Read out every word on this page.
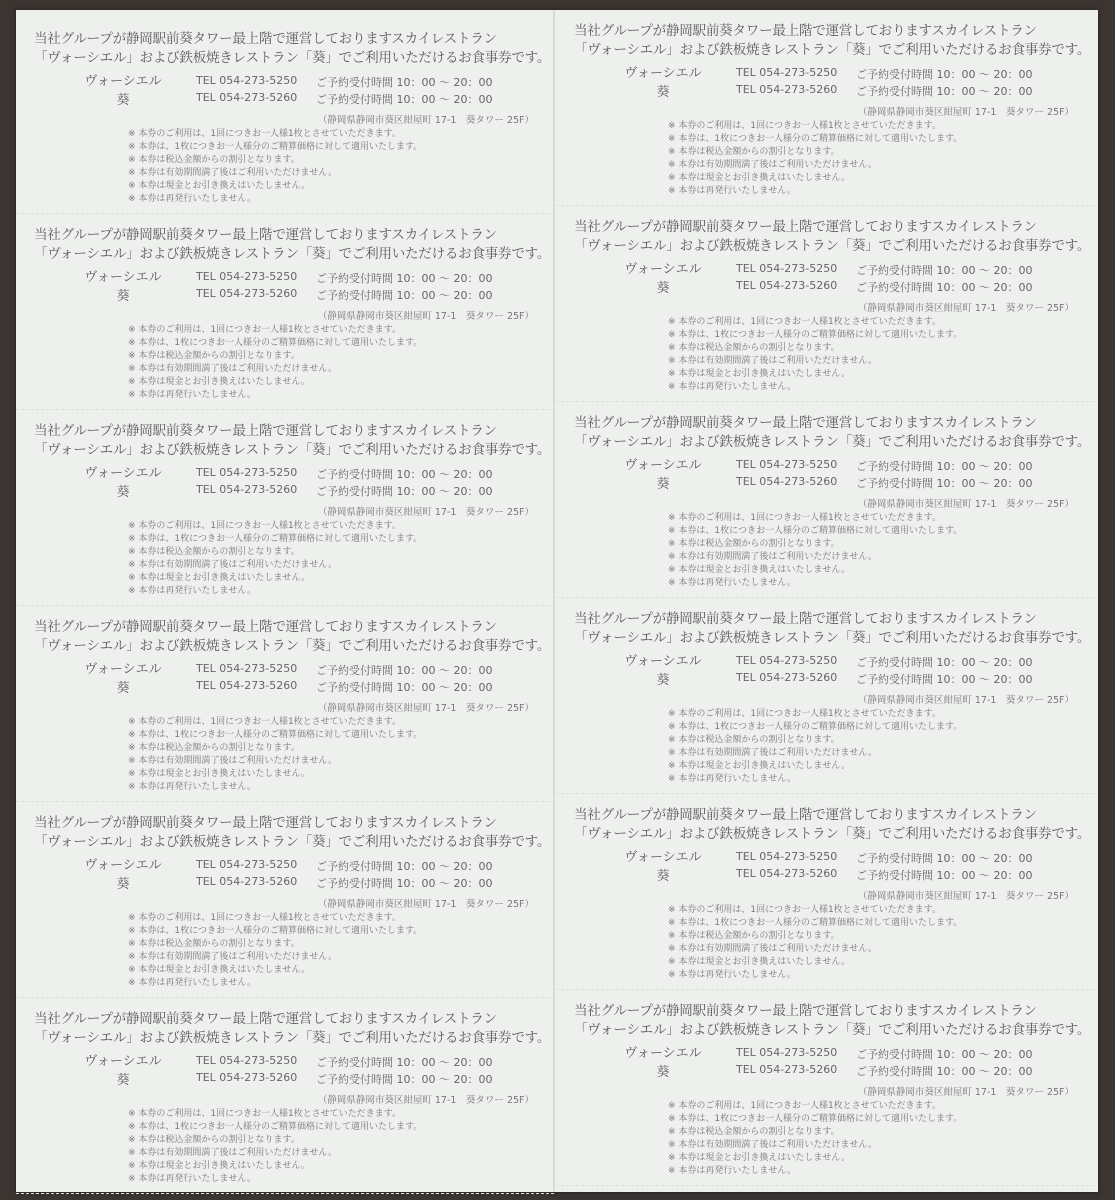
当社グループが静岡駅前葵タワー最上階で運営しておりますスカイレストラン
「ヴォーシエル」および鉄板焼きレストラン「葵」でご利用いただけるお食事券です。
ヴォーシエル	TEL 054-273-5250 ご予約受付時間 10：00 ～ 20：00
葵	TEL 054-273-5260 ご予約受付時間 10：00 ～ 20：00
（静岡県静岡市葵区紺屋町 17-1　葵タワー 25F）
※ 本券のご利用は、1回につきお一人様1枚とさせていただきます。
※ 本券は、1枚につきお一人様分のご精算価格に対して適用いたします。
※ 本券は税込金額からの割引となります。
※ 本券は有効期間満了後はご利用いただけません。
※ 本券は現金とお引き換えはいたしません。
※ 本券は再発行いたしません。
当社グループが静岡駅前葵タワー最上階で運営しておりますスカイレストラン
「ヴォーシエル」および鉄板焼きレストラン「葵」でご利用いただけるお食事券です。
ヴォーシエル	TEL 054-273-5250 ご予約受付時間 10：00 ～ 20：00
葵	TEL 054-273-5260 ご予約受付時間 10：00 ～ 20：00
（静岡県静岡市葵区紺屋町 17-1　葵タワー 25F）
※ 本券のご利用は、1回につきお一人様1枚とさせていただきます。
※ 本券は、1枚につきお一人様分のご精算価格に対して適用いたします。
※ 本券は税込金額からの割引となります。
※ 本券は有効期間満了後はご利用いただけません。
※ 本券は現金とお引き換えはいたしません。
※ 本券は再発行いたしません。
当社グループが静岡駅前葵タワー最上階で運営しておりますスカイレストラン
「ヴォーシエル」および鉄板焼きレストラン「葵」でご利用いただけるお食事券です。
ヴォーシエル	TEL 054-273-5250 ご予約受付時間 10：00 ～ 20：00
葵	TEL 054-273-5260 ご予約受付時間 10：00 ～ 20：00
（静岡県静岡市葵区紺屋町 17-1　葵タワー 25F）
※ 本券のご利用は、1回につきお一人様1枚とさせていただきます。
※ 本券は、1枚につきお一人様分のご精算価格に対して適用いたします。
※ 本券は税込金額からの割引となります。
※ 本券は有効期間満了後はご利用いただけません。
※ 本券は現金とお引き換えはいたしません。
※ 本券は再発行いたしません。
当社グループが静岡駅前葵タワー最上階で運営しておりますスカイレストラン
「ヴォーシエル」および鉄板焼きレストラン「葵」でご利用いただけるお食事券です。
ヴォーシエル	TEL 054-273-5250 ご予約受付時間 10：00 ～ 20：00
葵	TEL 054-273-5260 ご予約受付時間 10：00 ～ 20：00
（静岡県静岡市葵区紺屋町 17-1　葵タワー 25F）
※ 本券のご利用は、1回につきお一人様1枚とさせていただきます。
※ 本券は、1枚につきお一人様分のご精算価格に対して適用いたします。
※ 本券は税込金額からの割引となります。
※ 本券は有効期間満了後はご利用いただけません。
※ 本券は現金とお引き換えはいたしません。
※ 本券は再発行いたしません。
当社グループが静岡駅前葵タワー最上階で運営しておりますスカイレストラン
「ヴォーシエル」および鉄板焼きレストラン「葵」でご利用いただけるお食事券です。
ヴォーシエル	TEL 054-273-5250 ご予約受付時間 10：00 ～ 20：00
葵	TEL 054-273-5260 ご予約受付時間 10：00 ～ 20：00
（静岡県静岡市葵区紺屋町 17-1　葵タワー 25F）
※ 本券のご利用は、1回につきお一人様1枚とさせていただきます。
※ 本券は、1枚につきお一人様分のご精算価格に対して適用いたします。
※ 本券は税込金額からの割引となります。
※ 本券は有効期間満了後はご利用いただけません。
※ 本券は現金とお引き換えはいたしません。
※ 本券は再発行いたしません。
当社グループが静岡駅前葵タワー最上階で運営しておりますスカイレストラン
「ヴォーシエル」および鉄板焼きレストラン「葵」でご利用いただけるお食事券です。
ヴォーシエル	TEL 054-273-5250 ご予約受付時間 10：00 ～ 20：00
葵	TEL 054-273-5260 ご予約受付時間 10：00 ～ 20：00
（静岡県静岡市葵区紺屋町 17-1　葵タワー 25F）
※ 本券のご利用は、1回につきお一人様1枚とさせていただきます。
※ 本券は、1枚につきお一人様分のご精算価格に対して適用いたします。
※ 本券は税込金額からの割引となります。
※ 本券は有効期間満了後はご利用いただけません。
※ 本券は現金とお引き換えはいたしません。
※ 本券は再発行いたしません。
当社グループが静岡駅前葵タワー最上階で運営しておりますスカイレストラン
「ヴォーシエル」および鉄板焼きレストラン「葵」でご利用いただけるお食事券です。
ヴォーシエル	TEL 054-273-5250 ご予約受付時間 10：00 ～ 20：00
葵	TEL 054-273-5260 ご予約受付時間 10：00 ～ 20：00
（静岡県静岡市葵区紺屋町 17-1　葵タワー 25F）
※ 本券のご利用は、1回につきお一人様1枚とさせていただきます。
※ 本券は、1枚につきお一人様分のご精算価格に対して適用いたします。
※ 本券は税込金額からの割引となります。
※ 本券は有効期間満了後はご利用いただけません。
※ 本券は現金とお引き換えはいたしません。
※ 本券は再発行いたしません。
当社グループが静岡駅前葵タワー最上階で運営しておりますスカイレストラン
「ヴォーシエル」および鉄板焼きレストラン「葵」でご利用いただけるお食事券です。
ヴォーシエル	TEL 054-273-5250 ご予約受付時間 10：00 ～ 20：00
葵	TEL 054-273-5260 ご予約受付時間 10：00 ～ 20：00
（静岡県静岡市葵区紺屋町 17-1　葵タワー 25F）
※ 本券のご利用は、1回につきお一人様1枚とさせていただきます。
※ 本券は、1枚につきお一人様分のご精算価格に対して適用いたします。
※ 本券は税込金額からの割引となります。
※ 本券は有効期間満了後はご利用いただけません。
※ 本券は現金とお引き換えはいたしません。
※ 本券は再発行いたしません。
当社グループが静岡駅前葵タワー最上階で運営しておりますスカイレストラン
「ヴォーシエル」および鉄板焼きレストラン「葵」でご利用いただけるお食事券です。
ヴォーシエル	TEL 054-273-5250 ご予約受付時間 10：00 ～ 20：00
葵	TEL 054-273-5260 ご予約受付時間 10：00 ～ 20：00
（静岡県静岡市葵区紺屋町 17-1　葵タワー 25F）
※ 本券のご利用は、1回につきお一人様1枚とさせていただきます。
※ 本券は、1枚につきお一人様分のご精算価格に対して適用いたします。
※ 本券は税込金額からの割引となります。
※ 本券は有効期間満了後はご利用いただけません。
※ 本券は現金とお引き換えはいたしません。
※ 本券は再発行いたしません。
当社グループが静岡駅前葵タワー最上階で運営しておりますスカイレストラン
「ヴォーシエル」および鉄板焼きレストラン「葵」でご利用いただけるお食事券です。
ヴォーシエル	TEL 054-273-5250 ご予約受付時間 10：00 ～ 20：00
葵	TEL 054-273-5260 ご予約受付時間 10：00 ～ 20：00
（静岡県静岡市葵区紺屋町 17-1　葵タワー 25F）
※ 本券のご利用は、1回につきお一人様1枚とさせていただきます。
※ 本券は、1枚につきお一人様分のご精算価格に対して適用いたします。
※ 本券は税込金額からの割引となります。
※ 本券は有効期間満了後はご利用いただけません。
※ 本券は現金とお引き換えはいたしません。
※ 本券は再発行いたしません。
当社グループが静岡駅前葵タワー最上階で運営しておりますスカイレストラン
「ヴォーシエル」および鉄板焼きレストラン「葵」でご利用いただけるお食事券です。
ヴォーシエル	TEL 054-273-5250 ご予約受付時間 10：00 ～ 20：00
葵	TEL 054-273-5260 ご予約受付時間 10：00 ～ 20：00
（静岡県静岡市葵区紺屋町 17-1　葵タワー 25F）
※ 本券のご利用は、1回につきお一人様1枚とさせていただきます。
※ 本券は、1枚につきお一人様分のご精算価格に対して適用いたします。
※ 本券は税込金額からの割引となります。
※ 本券は有効期間満了後はご利用いただけません。
※ 本券は現金とお引き換えはいたしません。
※ 本券は再発行いたしません。
当社グループが静岡駅前葵タワー最上階で運営しておりますスカイレストラン
「ヴォーシエル」および鉄板焼きレストラン「葵」でご利用いただけるお食事券です。
ヴォーシエル	TEL 054-273-5250 ご予約受付時間 10：00 ～ 20：00
葵	TEL 054-273-5260 ご予約受付時間 10：00 ～ 20：00
（静岡県静岡市葵区紺屋町 17-1　葵タワー 25F）
※ 本券のご利用は、1回につきお一人様1枚とさせていただきます。
※ 本券は、1枚につきお一人様分のご精算価格に対して適用いたします。
※ 本券は税込金額からの割引となります。
※ 本券は有効期間満了後はご利用いただけません。
※ 本券は現金とお引き換えはいたしません。
※ 本券は再発行いたしません。
